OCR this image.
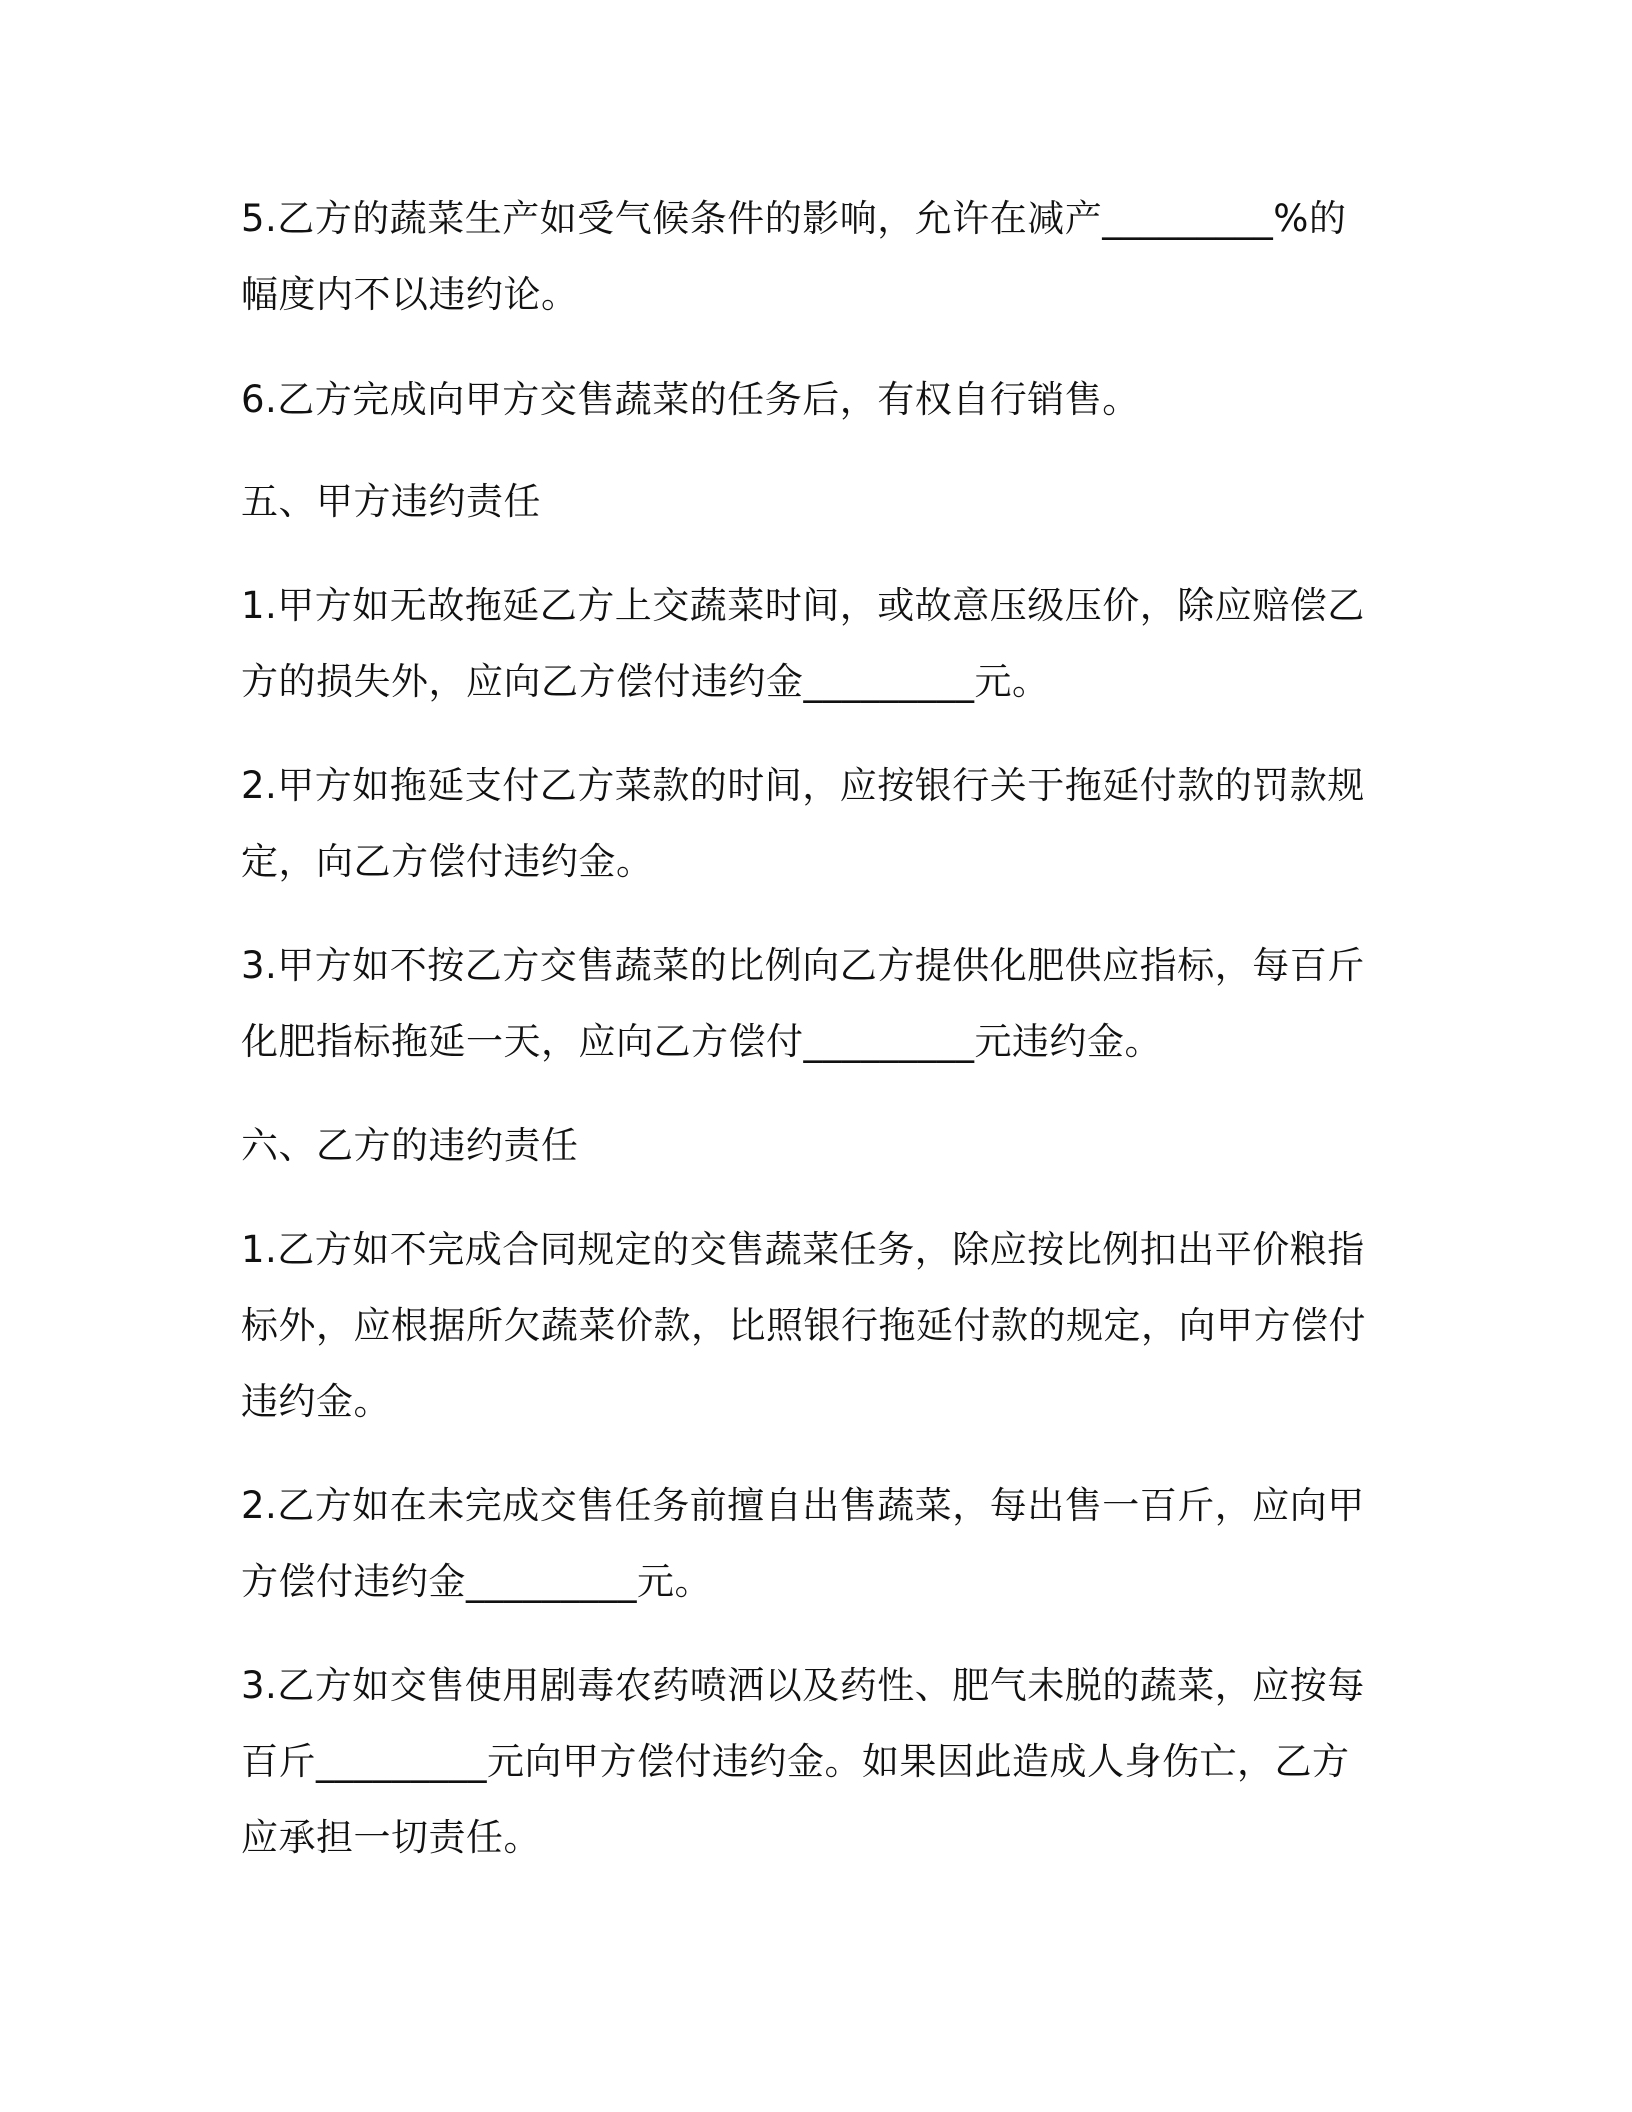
5.乙方的蔬菜生产如受气候条件的影响，允许在减产_________%的
幅度内不以违约论。
6.乙方完成向甲方交售蔬菜的任务后，有权自行销售。
五、甲方违约责任
1.甲方如无故拖延乙方上交蔬菜时间，或故意压级压价，除应赔偿乙
方的损失外，应向乙方偿付违约金_________元。
2.甲方如拖延支付乙方菜款的时间，应按银行关于拖延付款的罚款规
定，向乙方偿付违约金。
3.甲方如不按乙方交售蔬菜的比例向乙方提供化肥供应指标，每百斤
化肥指标拖延一天，应向乙方偿付_________元违约金。
六、乙方的违约责任
1.乙方如不完成合同规定的交售蔬菜任务，除应按比例扣出平价粮指
标外，应根据所欠蔬菜价款，比照银行拖延付款的规定，向甲方偿付
违约金。
2.乙方如在未完成交售任务前擅自出售蔬菜，每出售一百斤，应向甲
方偿付违约金_________元。
3.乙方如交售使用剧毒农药喷洒以及药性、肥气未脱的蔬菜，应按每
百斤_________元向甲方偿付违约金。如果因此造成人身伤亡，乙方
应承担一切责任。
